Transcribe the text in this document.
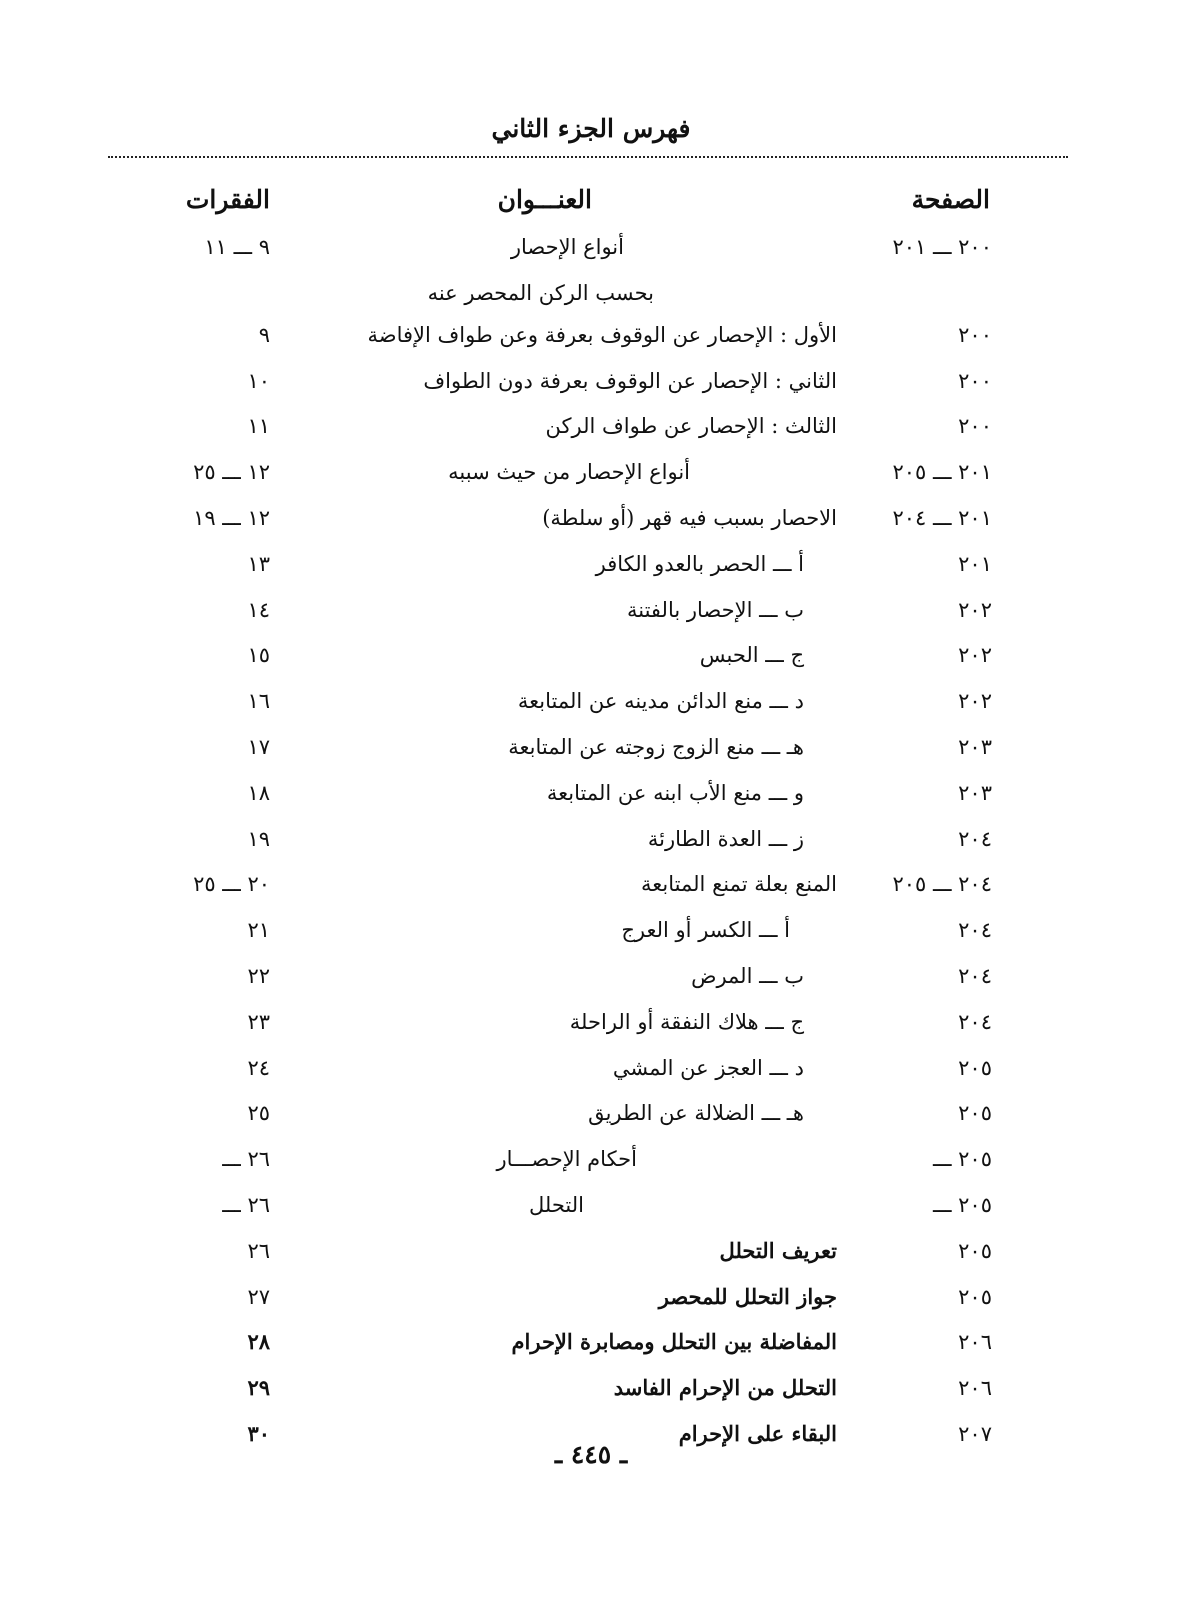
فهرس الجزء الثاني
الصفحة
العنـــوان
الفقرات
٢٠٠ ـــ ٢٠١
أنواع الإحصار
٩ ـــ ١١
بحسب الركن المحصر عنه
٢٠٠
الأول : الإحصار عن الوقوف بعرفة وعن طواف الإفاضة
٩
٢٠٠
الثاني : الإحصار عن الوقوف بعرفة دون الطواف
١٠
٢٠٠
الثالث : الإحصار عن طواف الركن
١١
٢٠١ ـــ ٢٠٥
أنواع الإحصار من حيث سببه
١٢ ـــ ٢٥
٢٠١ ـــ ٢٠٤
الاحصار بسبب فيه قهر (أو سلطة)
١٢ ـــ ١٩
٢٠١
أ ـــ الحصر بالعدو الكافر
١٣
٢٠٢
ب ـــ الإحصار بالفتنة
١٤
٢٠٢
ج ـــ الحبس
١٥
٢٠٢
د ـــ منع الدائن مدينه عن المتابعة
١٦
٢٠٣
هـ ـــ منع الزوج زوجته عن المتابعة
١٧
٢٠٣
و ـــ منع الأب ابنه عن المتابعة
١٨
٢٠٤
ز ـــ العدة الطارئة
١٩
٢٠٤ ـــ ٢٠٥
المنع بعلة تمنع المتابعة
٢٠ ـــ ٢٥
٢٠٤
أ ـــ الكسر أو العرج
٢١
٢٠٤
ب ـــ المرض
٢٢
٢٠٤
ج ـــ هلاك النفقة أو الراحلة
٢٣
٢٠٥
د ـــ العجز عن المشي
٢٤
٢٠٥
هـ ـــ الضلالة عن الطريق
٢٥
٢٠٥ ـــ
أحكام الإحصـــار
٢٦ ـــ
٢٠٥ ـــ
التحلل
٢٦ ـــ
٢٠٥
تعريف التحلل
٢٦
٢٠٥
جواز التحلل للمحصر
٢٧
٢٠٦
المفاضلة بين التحلل ومصابرة الإحرام
٢٨
٢٠٦
التحلل من الإحرام الفاسد
٢٩
٢٠٧
البقاء على الإحرام
٣٠
ـ ٤٤٥ ـ
